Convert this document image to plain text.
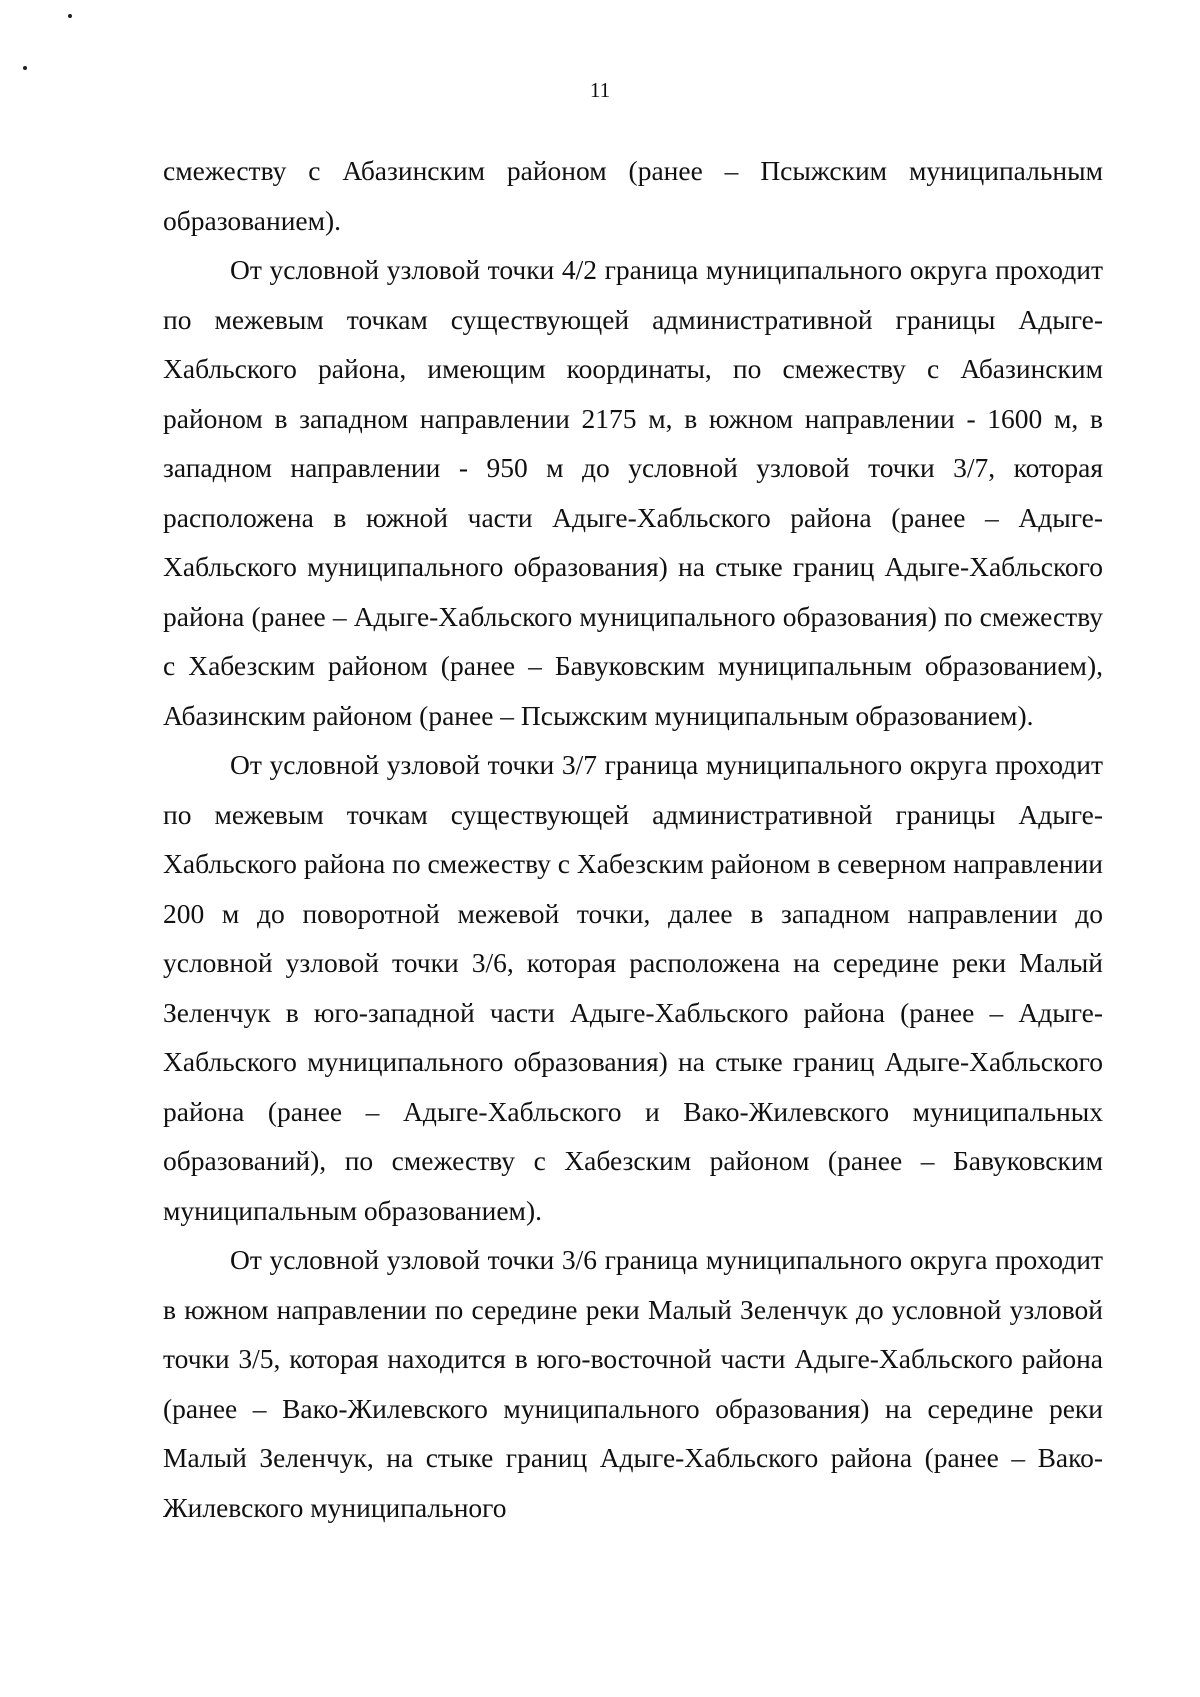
11

смежеству с Абазинским районом (ранее – Псыжским муниципальным образованием).

От условной узловой точки 4/2 граница муниципального округа проходит по межевым точкам существующей административной границы Адыге-Хабльского района, имеющим координаты, по смежеству с Абазинским районом в западном направлении 2175 м, в южном направлении - 1600 м, в западном направлении - 950 м до условной узловой точки 3/7, которая расположена в южной части Адыге-Хабльского района (ранее – Адыге-Хабльского муниципального образования) на стыке границ Адыге-Хабльского района (ранее – Адыге-Хабльского муниципального образования) по смежеству с Хабезским районом (ранее – Бавуковским муниципальным образованием), Абазинским районом (ранее – Псыжским муниципальным образованием).

От условной узловой точки 3/7 граница муниципального округа проходит по межевым точкам существующей административной границы Адыге-Хабльского района по смежеству с Хабезским районом в северном направлении 200 м до поворотной межевой точки, далее в западном направлении до условной узловой точки 3/6, которая расположена на середине реки Малый Зеленчук в юго-западной части Адыге-Хабльского района (ранее – Адыге-Хабльского муниципального образования) на стыке границ Адыге-Хабльского района (ранее – Адыге-Хабльского и Вако-Жилевского муниципальных образований), по смежеству с Хабезским районом (ранее – Бавуковским муниципальным образованием).

От условной узловой точки 3/6 граница муниципального округа проходит в южном направлении по середине реки Малый Зеленчук до условной узловой точки 3/5, которая находится в юго-восточной части Адыге-Хабльского района (ранее – Вако-Жилевского муниципального образования) на середине реки Малый Зеленчук, на стыке границ Адыге-Хабльского района (ранее – Вако-Жилевского муниципального
